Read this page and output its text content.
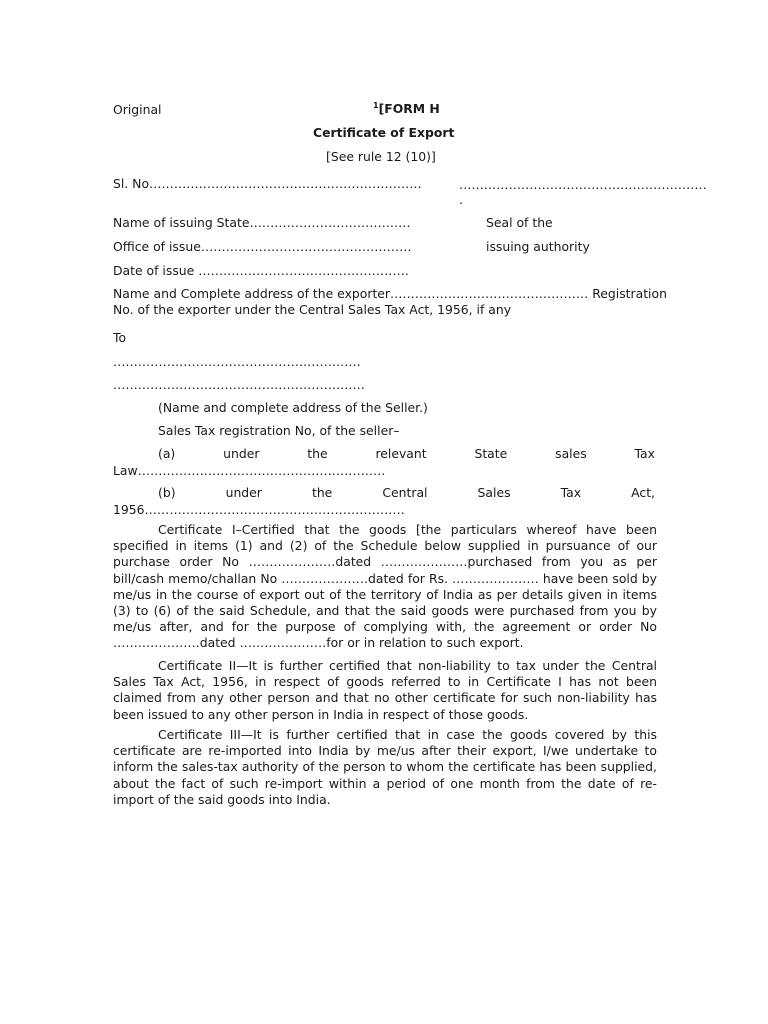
Original	$^1$[FORM H
Certificate of Export
[See rule 12 (10)]
Sl. No…………………………………………………………	……………………………………………………
.
Name of issuing State…………………………………	Seal of the
Office of issue……………………………………………	issuing authority
Date of issue ……………………………………………
Name and Complete address of the exporter………………………………………… Registration
No. of the exporter under the Central Sales Tax Act, 1956, if any
To
……………………………………………………
…………………………………………………….
(Name and complete address of the Seller.)
Sales Tax registration No, of the seller–
(a) under the relevant State sales Tax
Law……………………………………………………
(b) under the Central Sales Tax Act,
1956………………………………………………………
Certificate I–Certified that the goods [the particulars whereof have been specified in items (1) and (2) of the Schedule below supplied in pursuance of our purchase order No …………………dated …………………purchased from you as per bill/cash memo/challan No …………………dated for Rs. ………………… have been sold by me/us in the course of export out of the territory of India as per details given in items (3) to (6) of the said Schedule, and that the said goods were purchased from you by me/us after, and for the purpose of complying with, the agreement or order No …………………dated …………………for or in relation to such export.
Certificate II—It is further certified that non-liability to tax under the Central Sales Tax Act, 1956, in respect of goods referred to in Certificate I has not been claimed from any other person and that no other certificate for such non-liability has been issued to any other person in India in respect of those goods.
Certificate III—It is further certified that in case the goods covered by this certificate are re-imported into India by me/us after their export, I/we undertake to inform the sales-tax authority of the person to whom the certificate has been supplied, about the fact of such re-import within a period of one month from the date of re-import of the said goods into India.
